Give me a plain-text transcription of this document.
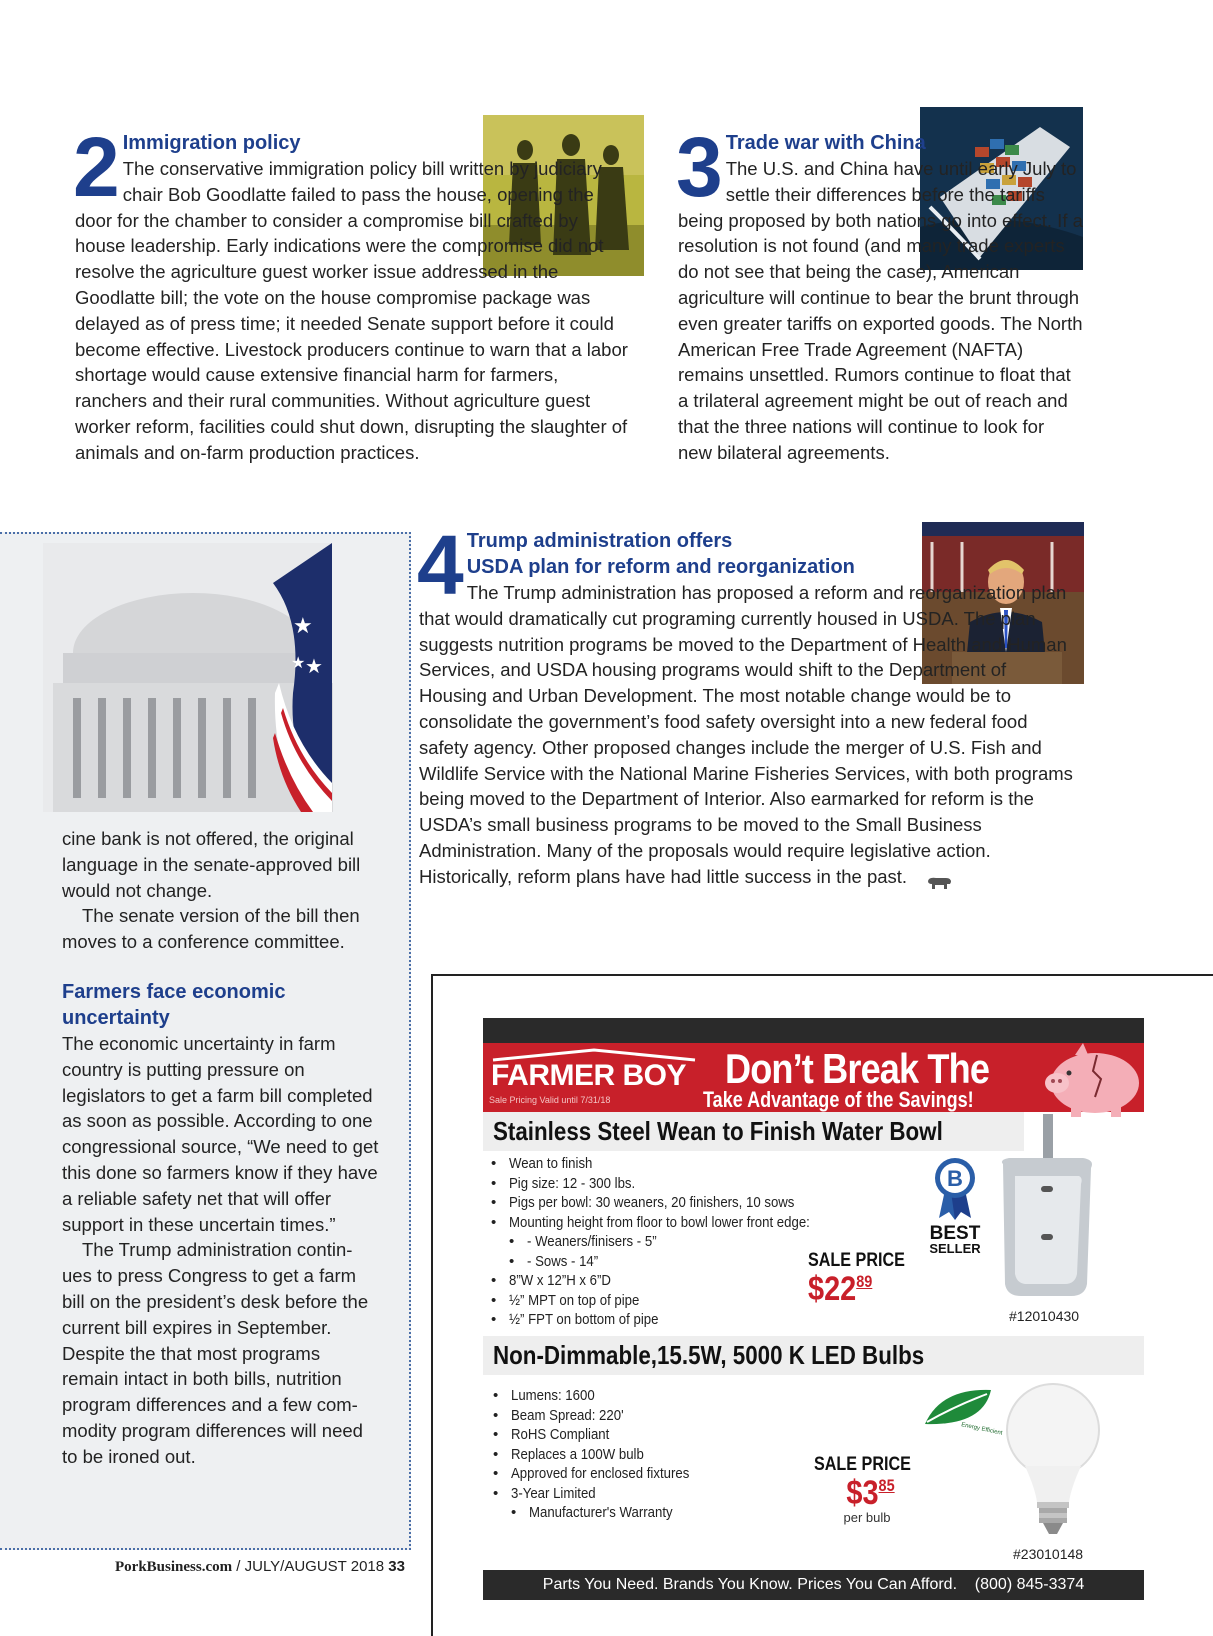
2 Immigration policy

The conservative immigration policy bill written by judiciary chair Bob Goodlatte failed to pass the house, opening the door for the chamber to consider a compromise bill crafted by house leadership. Early indications were the compromise did not resolve the agriculture guest worker issue addressed in the Goodlatte bill; the vote on the house compromise package was delayed as of press time; it needed Senate support before it could become effective. Livestock producers continue to warn that a labor shortage would cause extensive financial harm for farmers, ranchers and their rural communities. Without agriculture guest worker reform, facilities could shut down, disrupting the slaughter of animals and on-farm production practices.

3 Trade war with China

The U.S. and China have until early July to settle their differences before the tariffs being proposed by both nations go into effect. If a resolution is not found (and many trade experts do not see that being the case), American agriculture will continue to bear the brunt through even greater tariffs on exported goods. The North American Free Trade Agreement (NAFTA) remains unsettled. Rumors continue to float that a trilateral agreement might be out of reach and that the three nations will continue to look for new bilateral agreements.

★
★
★

cine bank is not offered, the original language in the senate-approved bill would not change.

The senate version of the bill then moves to a conference committee.

Farmers face economic
uncertainty

The economic uncertainty in farm country is putting pressure on legislators to get a farm bill completed as soon as possible. According to one congressional source, “We need to get this done so farmers know if they have a reliable safety net that will offer support in these uncertain times.”

The Trump administration contin-ues to press Congress to get a farm bill on the president’s desk before the current bill expires in September. Despite the that most programs remain intact in both bills, nutrition program differences and a few com-modity program differences will need to be ironed out.

4 Trump administration offers
USDA plan for reform and reorganization

The Trump administration has proposed a reform and reorganization plan that would dramatically cut programing currently housed in USDA. The plan suggests nutrition programs be moved to the Department of Health and Human Services, and USDA housing programs would shift to the Department of Housing and Urban Development. The most notable change would be to consolidate the government’s food safety oversight into a new federal food safety agency. Other proposed changes include the merger of U.S. Fish and Wildlife Service with the National Marine Fisheries Services, with both programs being moved to the Department of Interior. Also earmarked for reform is the USDA’s small business programs to be moved to the Small Business Administration. Many of the proposals would require legislative action. Historically, reform plans have had little success in the past.

PorkBusiness.com / JULY/AUGUST 2018 33
FARMER BOY Don’t Break The
Take Advantage of the Savings!
Sale Pricing Valid until 7/31/18
Stainless Steel Wean to Finish Water Bowl
• Wean to finish
• Pig size: 12 - 300 lbs.
• Pigs per bowl: 30 weaners, 20 finishers, 10 sows
• Mounting height from floor to bowl lower front edge:
• - Weaners/finisers - 5”
• - Sows - 14”
• 8”W x 12”H x 6”D
• ½” MPT on top of pipe
• ½” FPT on bottom of pipe
SALE PRICE
$\$22^{89}$
B
BEST
SELLER
#12010430
Non-Dimmable,15.5W, 5000 K LED Bulbs
• Lumens: 1600
• Beam Spread: 220'
• RoHS Compliant
• Replaces a 100W bulb
• Approved for enclosed fixtures
• 3-Year Limited
• Manufacturer's Warranty
Energy Efficient
SALE PRICE
$\$3^{85}$
per bulb
#23010148
Parts You Need. Brands You Know. Prices You Can Afford. (800) 845-3374
